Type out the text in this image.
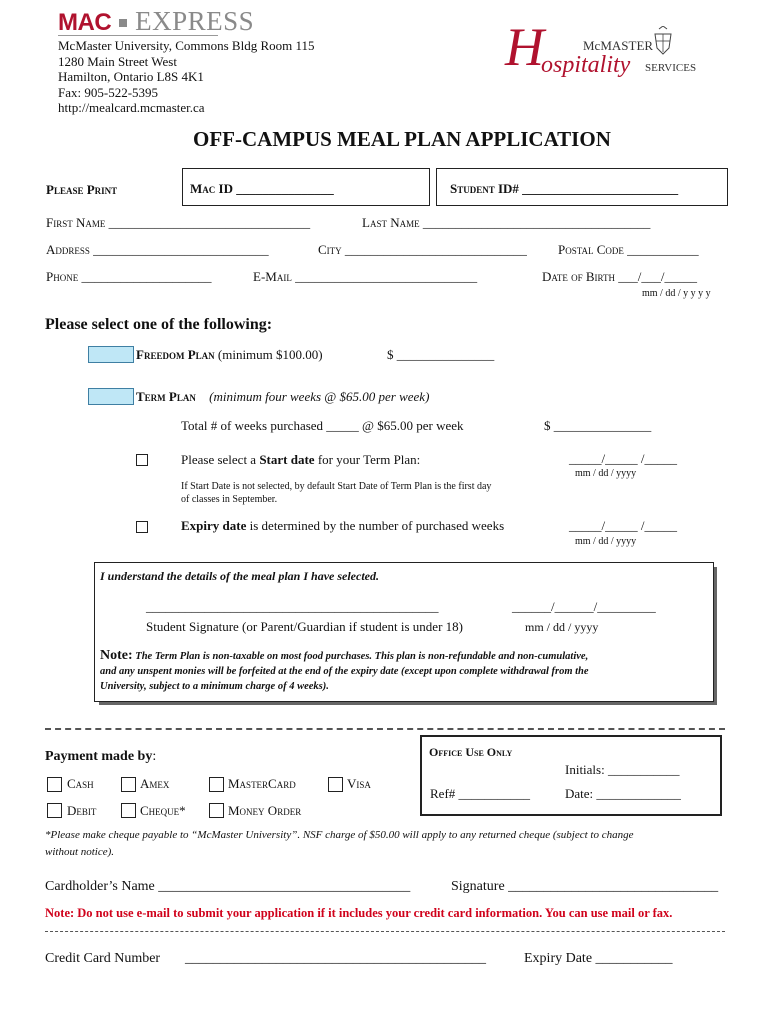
MAC EXPRESS
McMaster University, Commons Bldg Room 115
1280 Main Street West
Hamilton, Ontario L8S 4K1
Fax: 905-522-5395
http://mealcard.mcmaster.ca
H
ospitality
McMASTER
SERVICES
OFF-CAMPUS MEAL PLAN APPLICATION
Please Print	Mac ID _______________	Student ID# ________________________
First Name _______________________________	Last Name ___________________________________
Address ___________________________	City ____________________________ Postal Code ___________
Phone ____________________	E-Mail ____________________________	Date of Birth ___/___/_____
mm / dd / y y y y
Please select one of the following:
Freedom Plan (minimum $100.00)	$ _______________
Term Plan (minimum four weeks @ $65.00 per week)
Total # of weeks purchased _____ @ $65.00 per week	$ _______________
Please select a Start date for your Term Plan:	_____/_____ /_____
mm / dd / yyyy
If Start Date is not selected, by default Start Date of Term Plan is the first day
of classes in September.
Expiry date is determined by the number of purchased weeks	_____/_____ /_____
mm / dd / yyyy
I understand the details of the meal plan I have selected.
_____________________________________________	______/______/_________
Student Signature (or Parent/Guardian if student is under 18)	mm / dd / yyyy
Note: The Term Plan is non-taxable on most food purchases. This plan is non-refundable and non-cumulative,
and any unspent monies will be forfeited at the end of the expiry date (except upon complete withdrawal from the
University, subject to a minimum charge of 4 weeks).
Payment made by:
Cash	Amex	MasterCard	Visa
Debit	Cheque*	Money Order
Office Use Only
Initials: ___________
Ref# ___________	Date: _____________
*Please make cheque payable to “McMaster University”. NSF charge of $50.00 will apply to any returned cheque (subject to change
without notice).
Cardholder’s Name ____________________________________	Signature ______________________________
Note: Do not use e-mail to submit your application if it includes your credit card information. You can use mail or fax.
Credit Card Number ___________________________________________	Expiry Date ___________
